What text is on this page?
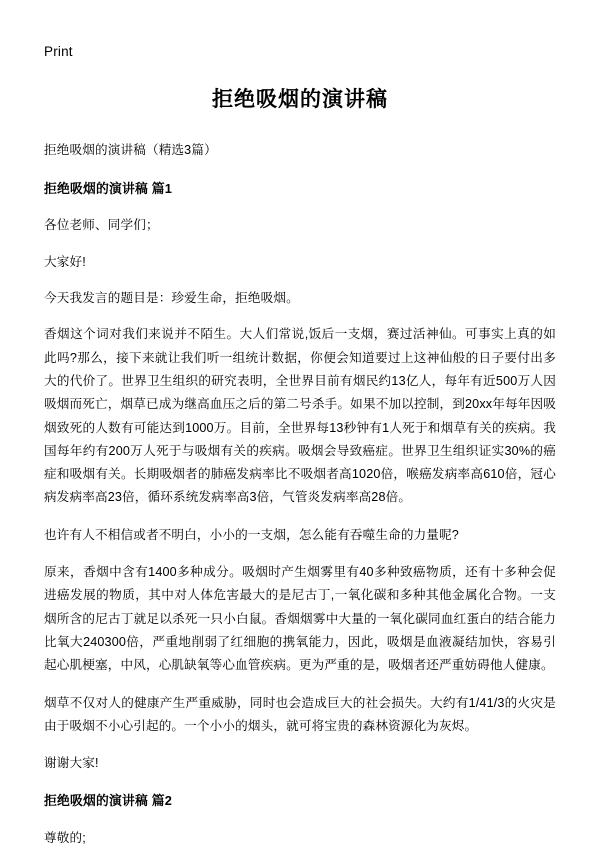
Print
拒绝吸烟的演讲稿

拒绝吸烟的演讲稿（精选3篇）

拒绝吸烟的演讲稿 篇1

各位老师、同学们；

大家好!

今天我发言的题目是：珍爱生命，拒绝吸烟。

香烟这个词对我们来说并不陌生。大人们常说,饭后一支烟，赛过活神仙。可事实上真的如此吗?那么，接下来就让我们听一组统计数据，你便会知道要过上这神仙般的日子要付出多大的代价了。世界卫生组织的研究表明，全世界目前有烟民约13亿人，每年有近500万人因吸烟而死亡，烟草已成为继高血压之后的第二号杀手。如果不加以控制，到20xx年每年因吸烟致死的人数有可能达到1000万。目前，全世界每13秒钟有1人死于和烟草有关的疾病。我国每年约有200万人死于与吸烟有关的疾病。吸烟会导致癌症。世界卫生组织证实30%的癌症和吸烟有关。长期吸烟者的肺癌发病率比不吸烟者高1020倍，喉癌发病率高610倍，冠心病发病率高23倍，循环系统发病率高3倍，气管炎发病率高28倍。

也许有人不相信或者不明白，小小的一支烟，怎么能有吞噬生命的力量呢?

原来，香烟中含有1400多种成分。吸烟时产生烟雾里有40多种致癌物质，还有十多种会促进癌发展的物质，其中对人体危害最大的是尼古丁,一氧化碳和多种其他金属化合物。一支烟所含的尼古丁就足以杀死一只小白鼠。香烟烟雾中大量的一氧化碳同血红蛋白的结合能力比氧大240300倍，严重地削弱了红细胞的携氧能力，因此，吸烟是血液凝结加快，容易引起心肌梗塞，中风，心肌缺氧等心血管疾病。更为严重的是，吸烟者还严重妨碍他人健康。

烟草不仅对人的健康产生严重威胁，同时也会造成巨大的社会损失。大约有1/41/3的火灾是由于吸烟不小心引起的。一个小小的烟头，就可将宝贵的森林资源化为灰烬。

谢谢大家!

拒绝吸烟的演讲稿 篇2

尊敬的;
